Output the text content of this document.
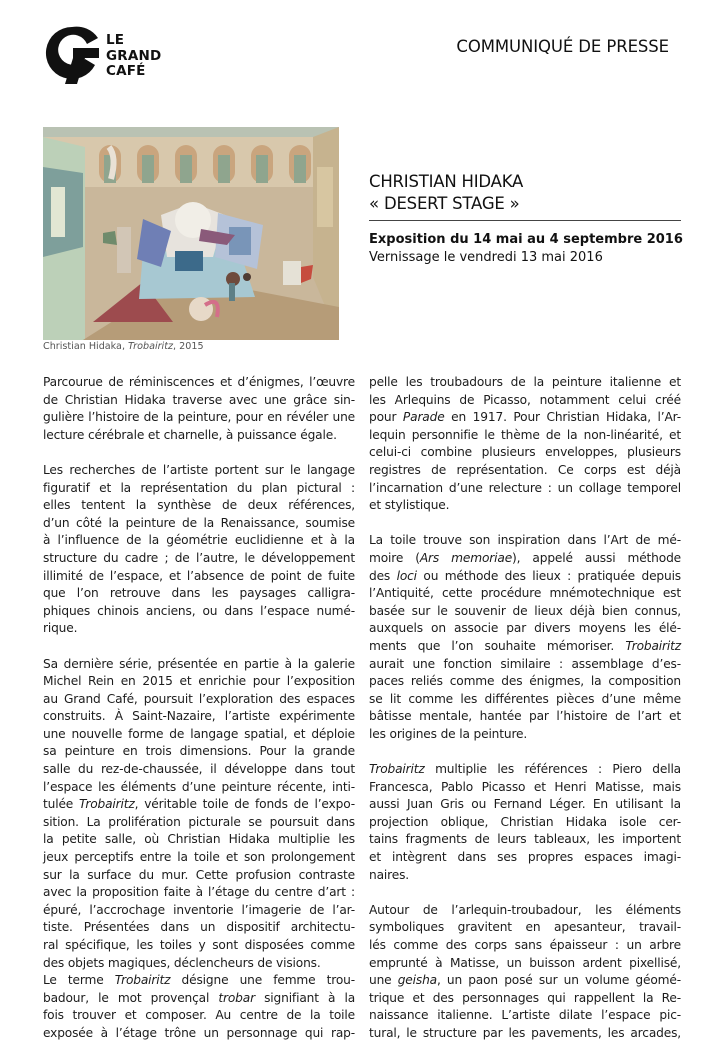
LE
GRAND
CAFÉ
COMMUNIQUÉ DE PRESSE
Christian Hidaka, Trobairitz, 2015
CHRISTIAN HIDAKA
« DESERT STAGE »
Exposition du 14 mai au 4 septembre 2016
Vernissage le vendredi 13 mai 2016
Parcourue de réminiscences et d’énigmes, l’œuvre
de Christian Hidaka traverse avec une grâce sin-
gulière l’histoire de la peinture, pour en révéler une
lecture cérébrale et charnelle, à puissance égale.
Les recherches de l’artiste portent sur le langage
figuratif et la représentation du plan pictural :
elles tentent la synthèse de deux références,
d’un côté la peinture de la Renaissance, soumise
à l’influence de la géométrie euclidienne et à la
structure du cadre ; de l’autre, le développement
illimité de l’espace, et l’absence de point de fuite
que l’on retrouve dans les paysages calligra-
phiques chinois anciens, ou dans l’espace numé-
rique.
Sa dernière série, présentée en partie à la galerie
Michel Rein en 2015 et enrichie pour l’exposition
au Grand Café, poursuit l’exploration des espaces
construits. À Saint-Nazaire, l’artiste expérimente
une nouvelle forme de langage spatial, et déploie
sa peinture en trois dimensions. Pour la grande
salle du rez-de-chaussée, il développe dans tout
l’espace les éléments d’une peinture récente, inti-
tulée Trobairitz, véritable toile de fonds de l’expo-
sition. La prolifération picturale se poursuit dans
la petite salle, où Christian Hidaka multiplie les
jeux perceptifs entre la toile et son prolongement
sur la surface du mur. Cette profusion contraste
avec la proposition faite à l’étage du centre d’art :
épuré, l’accrochage inventorie l’imagerie de l’ar-
tiste. Présentées dans un dispositif architectu-
ral spécifique, les toiles y sont disposées comme
des objets magiques, déclencheurs de visions.
Le terme Trobairitz désigne une femme trou-
badour, le mot provençal trobar signifiant à la
fois trouver et composer. Au centre de la toile
exposée à l’étage trône un personnage qui rap-
pelle les troubadours de la peinture italienne et
les Arlequins de Picasso, notamment celui créé
pour Parade en 1917. Pour Christian Hidaka, l’Ar-
lequin personnifie le thème de la non-linéarité, et
celui-ci combine plusieurs enveloppes, plusieurs
registres de représentation. Ce corps est déjà
l’incarnation d’une relecture : un collage temporel
et stylistique.
La toile trouve son inspiration dans l’Art de mé-
moire (Ars memoriae), appelé aussi méthode
des loci ou méthode des lieux : pratiquée depuis
l’Antiquité, cette procédure mnémotechnique est
basée sur le souvenir de lieux déjà bien connus,
auxquels on associe par divers moyens les élé-
ments que l’on souhaite mémoriser. Trobairitz
aurait une fonction similaire : assemblage d’es-
paces reliés comme des énigmes, la composition
se lit comme les différentes pièces d’une même
bâtisse mentale, hantée par l’histoire de l’art et
les origines de la peinture.
Trobairitz multiplie les références : Piero della
Francesca, Pablo Picasso et Henri Matisse, mais
aussi Juan Gris ou Fernand Léger. En utilisant la
projection oblique, Christian Hidaka isole cer-
tains fragments de leurs tableaux, les importent
et intègrent dans ses propres espaces imagi-
naires.
Autour de l’arlequin-troubadour, les éléments
symboliques gravitent en apesanteur, travail-
lés comme des corps sans épaisseur : un arbre
emprunté à Matisse, un buisson ardent pixellisé,
une geisha, un paon posé sur un volume géomé-
trique et des personnages qui rappellent la Re-
naissance italienne. L’artiste dilate l’espace pic-
tural, le structure par les pavements, les arcades,
